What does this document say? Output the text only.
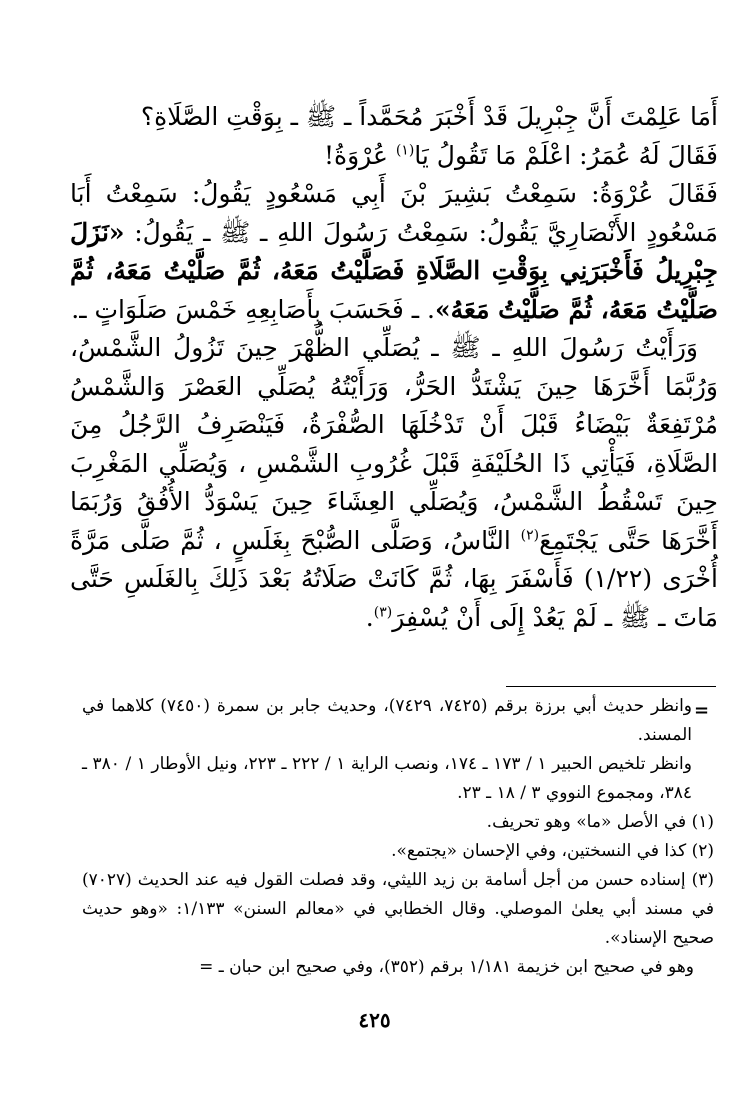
أَمَا عَلِمْتَ أَنَّ جِبْرِيلَ قَدْ أَخْبَرَ مُحَمَّداً ـ ﷺ ـ بِوَقْتِ الصَّلَاةِ؟

فَقَالَ لَهُ عُمَرُ: اعْلَمْ مَا تَقُولُ يَا$^{(١)}$ عُرْوَةُ!

فَقَالَ عُرْوَةُ: سَمِعْتُ بَشِيرَ بْنَ أَبِي مَسْعُودٍ يَقُولُ: سَمِعْتُ أَبَا مَسْعُودٍ الأَنْصَارِيَّ يَقُولُ: سَمِعْتُ رَسُولَ اللهِ ـ ﷺ ـ يَقُولُ: «نَزَلَ جِبْرِيلُ فَأَخْبَرَنِي بِوَقْتِ الصَّلَاةِ فَصَلَّيْتُ مَعَهُ، ثُمَّ صَلَّيْتُ مَعَهُ، ثُمَّ صَلَّيْتُ مَعَهُ، ثُمَّ صَلَّيْتُ مَعَهُ». ـ فَحَسَبَ بِأَصَابِعِهِ خَمْسَ صَلَوَاتٍ ـ.

وَرَأَيْتُ رَسُولَ اللهِ ـ ﷺ ـ يُصَلِّي الظُّهْرَ حِينَ تَزُولُ الشَّمْسُ، وَرُبَّمَا أَخَّرَهَا حِينَ يَشْتَدُّ الحَرُّ، وَرَأَيْتُهُ يُصَلِّي العَصْرَ وَالشَّمْسُ مُرْتَفِعَةٌ بَيْضَاءُ قَبْلَ أَنْ تَدْخُلَهَا الصُّفْرَةُ، فَيَنْصَرِفُ الرَّجُلُ مِنَ الصَّلَاةِ، فَيَأْتِي ذَا الحُلَيْفَةِ قَبْلَ غُرُوبِ الشَّمْسِ ، وَيُصَلِّي المَغْرِبَ حِينَ تَسْقُطُ الشَّمْسُ، وَيُصَلِّي العِشَاءَ حِينَ يَسْوَدُّ الأُفُقُ وَرُبَمَا أَخَّرَهَا حَتَّى يَجْتَمِعَ$^{(٢)}$ النَّاسُ، وَصَلَّى الصُّبْحَ بِغَلَسٍ ، ثُمَّ صَلَّى مَرَّةً أُخْرَى (١/٢٢) فَأَسْفَرَ بِهَا، ثُمَّ كَانَتْ صَلَاتُهُ بَعْدَ ذَلِكَ بِالغَلَسِ حَتَّى مَاتَ ـ ﷺ ـ لَمْ يَعُدْ إِلَى أَنْ يُسْفِرَ$^{(٣)}$.

=

وانظر حديث أبي برزة برقم (٧٤٢٥، ٧٤٢٩)، وحديث جابر بن سمرة (٧٤٥٠) كلاهما في المسند.

وانظر تلخيص الحبير ١ / ١٧٣ ـ ١٧٤، ونصب الراية ١ / ٢٢٢ ـ ٢٢٣، ونيل الأوطار ١ / ٣٨٠ ـ ٣٨٤، ومجموع النووي ٣ / ١٨ ـ ٢٣.

(١) في الأصل «ما» وهو تحريف.

(٢) كذا في النسختين، وفي الإحسان «يجتمع».

(٣) إسناده حسن من أجل أسامة بن زيد الليثي، وقد فصلت القول فيه عند الحديث (٧٠٢٧) في مسند أبي يعلىٰ الموصلي. وقال الخطابي في «معالم السنن» ١/١٣٣: «وهو حديث صحيح الإسناد».

وهو في صحيح ابن خزيمة ١/١٨١ برقم (٣٥٢)، وفي صحيح ابن حبان ـ =

٤٢٥
